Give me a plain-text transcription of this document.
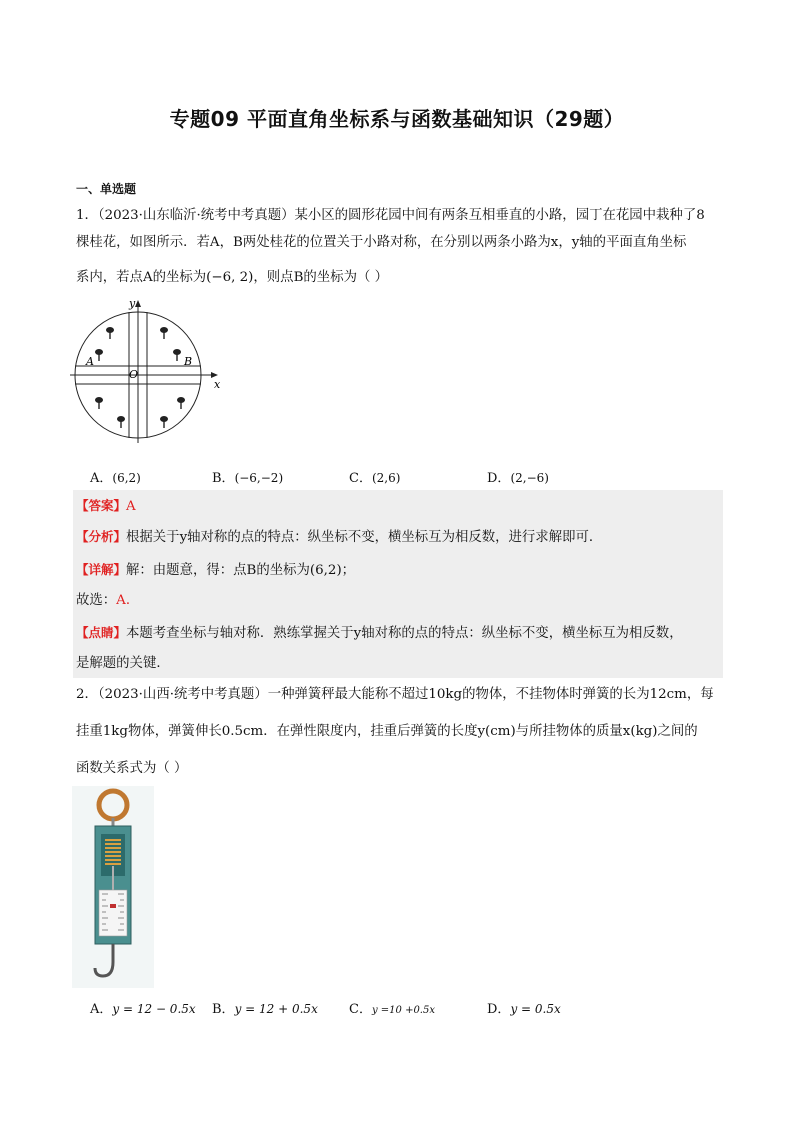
专题09 平面直角坐标系与函数基础知识（29题）
一、单选题
1．（2023·山东临沂·统考中考真题）某小区的圆形花园中间有两条互相垂直的小路，园丁在花园中栽种了8
棵桂花，如图所示．若A，B两处桂花的位置关于小路对称，在分别以两条小路为x，y轴的平面直角坐标
系内，若点A的坐标为(−6, 2)，则点B的坐标为（ ）
y
x
O
A	B
A．(6,2)	B．(−6,−2)	C．(2,6)	D．(2,−6)
【答案】A
【分析】根据关于y轴对称的点的特点：纵坐标不变，横坐标互为相反数，进行求解即可．
【详解】解：由题意，得：点B的坐标为(6,2)；
故选：A．
【点睛】本题考查坐标与轴对称．熟练掌握关于y轴对称的点的特点：纵坐标不变，横坐标互为相反数，
是解题的关键．
2．（2023·山西·统考中考真题）一种弹簧秤最大能称不超过10kg的物体，不挂物体时弹簧的长为12cm，每
挂重1kg物体，弹簧伸长0.5cm．在弹性限度内，挂重后弹簧的长度y(cm)与所挂物体的质量x(kg)之间的
函数关系式为（ ）
A．y = 12 − 0.5x B．y = 12 + 0.5x C．y =10 +0.5x	D．y = 0.5x
